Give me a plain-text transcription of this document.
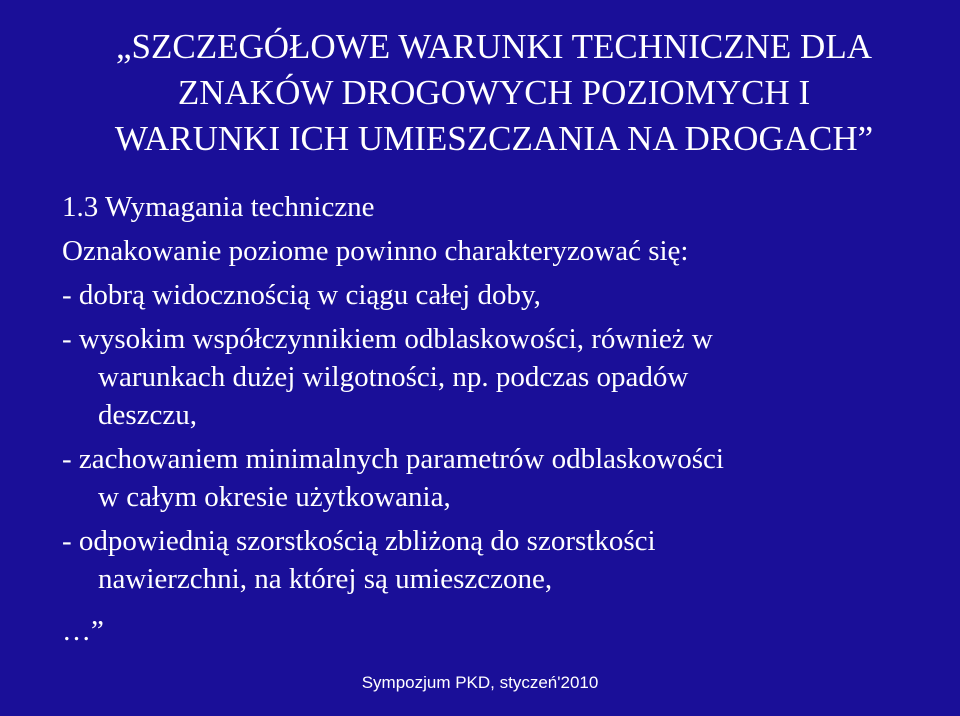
„SZCZEGÓŁOWE WARUNKI TECHNICZNE DLA
ZNAKÓW DROGOWYCH POZIOMYCH I
WARUNKI ICH UMIESZCZANIA NA DROGACH”
1.3 Wymagania techniczne
Oznakowanie poziome powinno charakteryzować się:
- dobrą widocznością w ciągu całej doby,
- wysokim współczynnikiem odblaskowości, również w
warunkach dużej wilgotności, np. podczas opadów
deszczu,
- zachowaniem minimalnych parametrów odblaskowości
w całym okresie użytkowania,
- odpowiednią szorstkością zbliżoną do szorstkości
nawierzchni, na której są umieszczone,
…”
Sympozjum PKD, styczeń'2010
